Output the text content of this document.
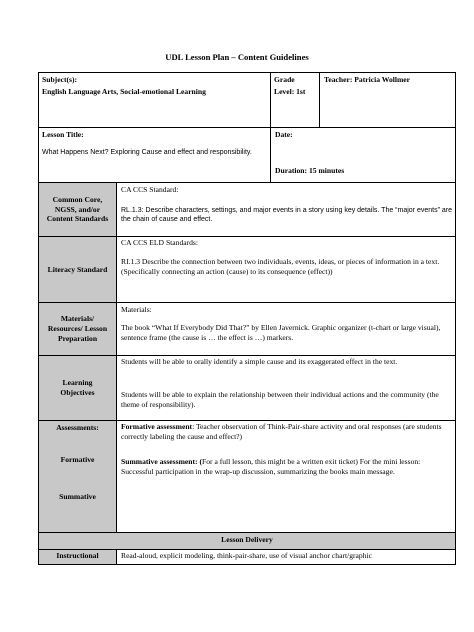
UDL Lesson Plan – Content Guidelines
Subject(s):
English Language Arts, Social-emotional Learning
Grade
Level: 1st
Teacher: Patricia Wollmer
Lesson Title:
What Happens Next? Exploring Cause and effect and responsibility.
Date:
Duration: 15 minutes
Common Core, NGSS, and/or Content Standards
CA CCS Standard:
RL.1.3: Describe characters, settings, and major events in a story using key details. The “major events” are the chain of cause and effect.
Literacy Standard
CA CCS ELD Standards:
RI.1.3 Describe the connection between two individuals, events, ideas, or pieces of information in a text. (Specifically connecting an action (cause) to its consequence (effect))
Materials/ Resources/ Lesson Preparation
Materials:
The book “What If Everybody Did That?” by Ellen Javernick. Graphic organizer (t-chart or large visual), sentence frame (the cause is … the effect is …) markers.
Learning Objectives
Students will be able to orally identify a simple cause and its exaggerated effect in the text.
Students will be able to explain the relationship between their individual actions and the community (the theme of responsibility).
Assessments:
Formative
Summative
Formative assessment: Teacher observation of Think-Pair-share activity and oral responses (are students correctly labeling the cause and effect?)
Summative assessment: (For a full lesson, this might be a written exit ticket) For the mini lesson: Successful participation in the wrap-up discussion, summarizing the books main message.
Lesson Delivery
Instructional	Read-aloud, explicit modeling, think-pair-share, use of visual anchor chart/graphic
